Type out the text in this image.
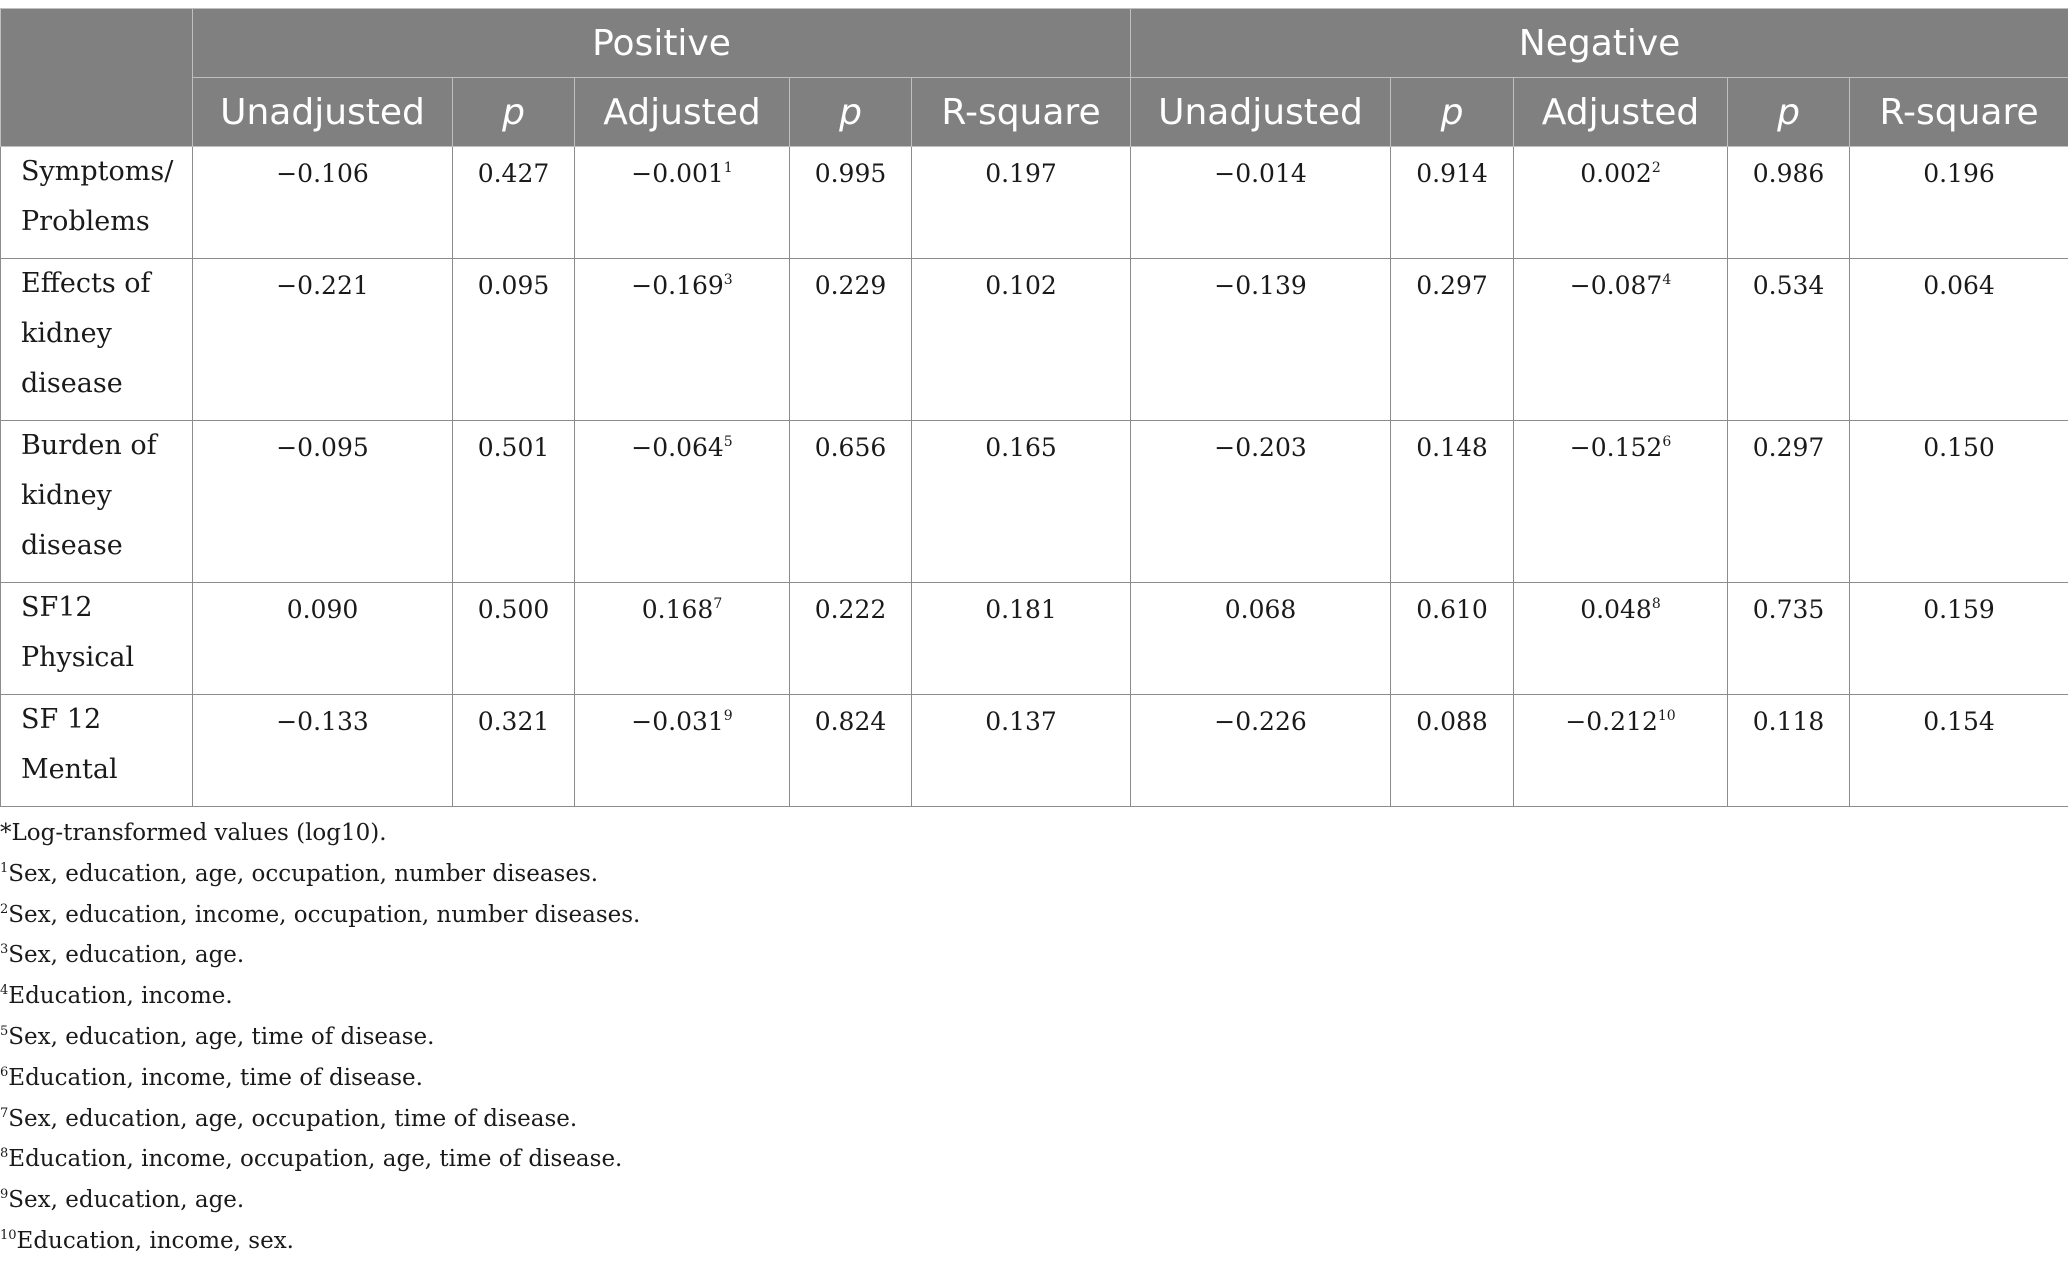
	Positive					Negative				
	Unadjusted	p	Adjusted	p	R-square	Unadjusted	p	Adjusted	p	R-square
Symptoms/
Problems	−0.106	0.427	$-0.001^1$	0.995	0.197	−0.014	0.914	0.002$^2$	0.986	0.196
Effects of
kidney
disease	−0.221	0.095	$-0.169^3$	0.229	0.102	−0.139	0.297	$-0.087^4$	0.534	0.064
Burden of
kidney
disease	−0.095	0.501	$-0.064^5$	0.656	0.165	−0.203	0.148	$-0.152^6$	0.297	0.150
SF12
Physical	0.090	0.500	0.168$^7$	0.222	0.181	0.068	0.610	0.048$^8$	0.735	0.159
SF 12
Mental	−0.133	0.321	$-0.031^9$	0.824	0.137	−0.226	0.088	$-0.212^{10}$	0.118	0.154
*Log-transformed values (log10).
$^1$Sex, education, age, occupation, number diseases.
$^2$Sex, education, income, occupation, number diseases.
$^3$Sex, education, age.
$^4$Education, income.
$^5$Sex, education, age, time of disease.
$^6$Education, income, time of disease.
$^7$Sex, education, age, occupation, time of disease.
$^8$Education, income, occupation, age, time of disease.
$^9$Sex, education, age.
$^{10}$Education, income, sex.
